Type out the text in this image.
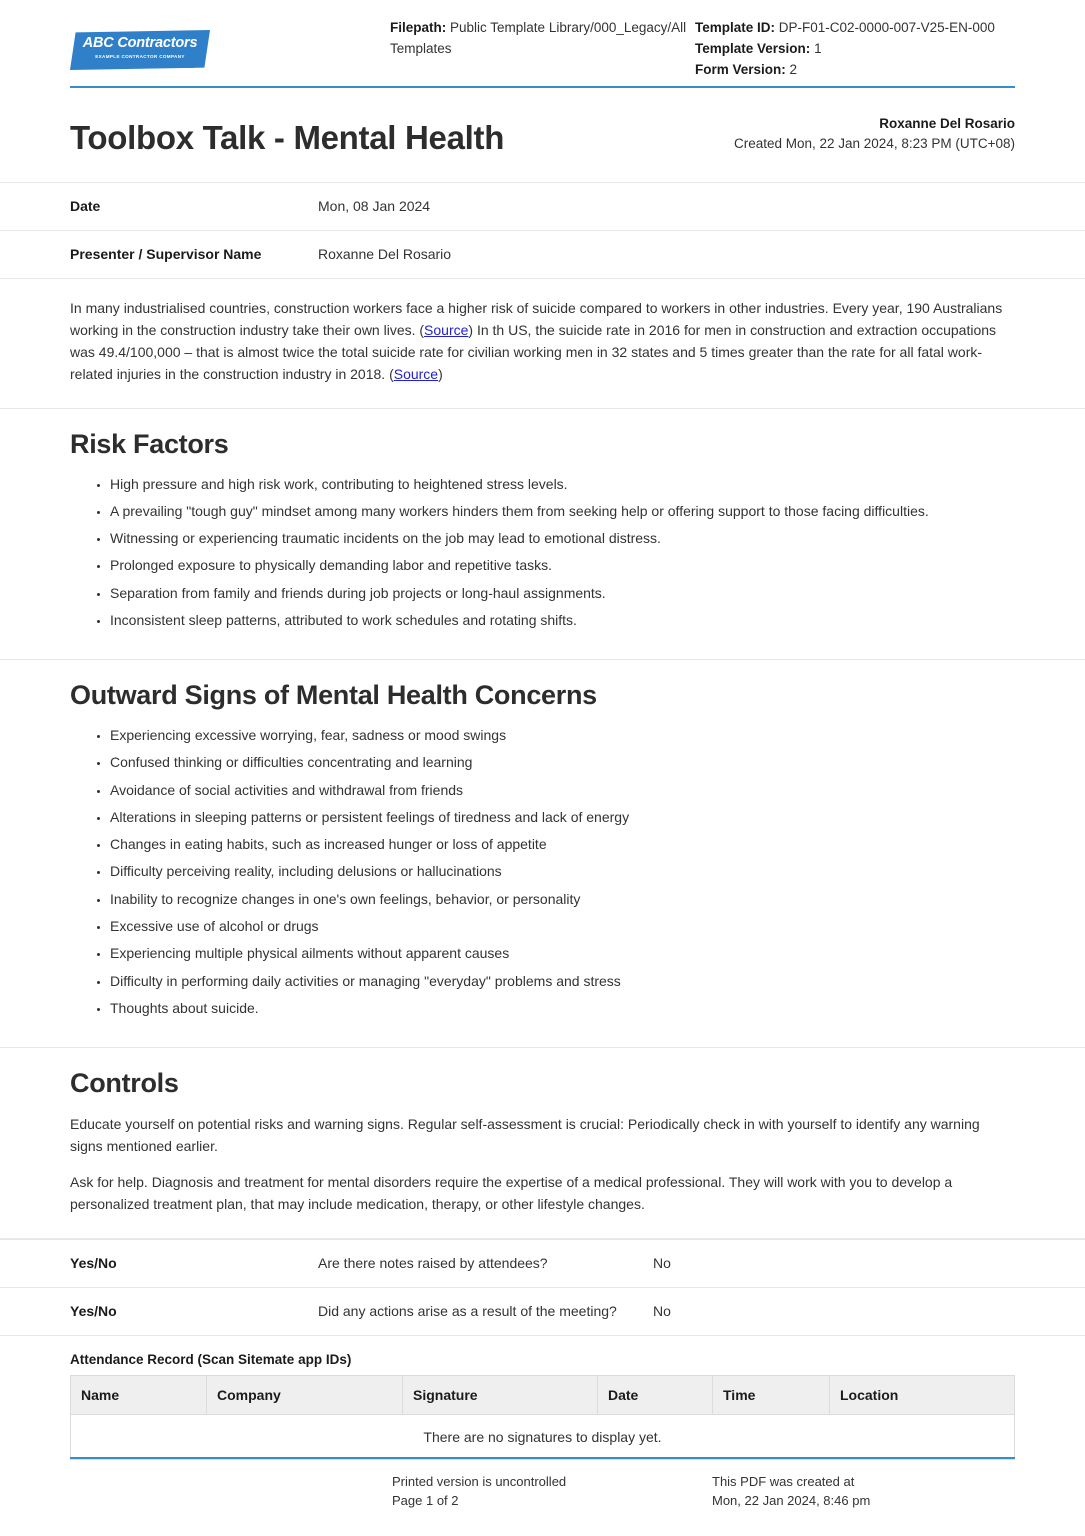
ABC Contractors
EXAMPLE CONTRACTOR COMPANY
Filepath: Public Template Library/000_Legacy/All Templates
Template ID: DP-F01-C02-0000-007-V25-EN-000
Template Version: 1
Form Version: 2
Toolbox Talk - Mental Health	Roxanne Del Rosario
Created Mon, 22 Jan 2024, 8:23 PM (UTC+08)
Date	Mon, 08 Jan 2024
Presenter / Supervisor Name	Roxanne Del Rosario
In many industrialised countries, construction workers face a higher risk of suicide compared to workers in other industries. Every year, 190 Australians working in the construction industry take their own lives. (Source) In th US, the suicide rate in 2016 for men in construction and extraction occupations was 49.4/100,000 – that is almost twice the total suicide rate for civilian working men in 32 states and 5 times greater than the rate for all fatal work-related injuries in the construction industry in 2018. (Source)
Risk Factors
• High pressure and high risk work, contributing to heightened stress levels.
• A prevailing "tough guy" mindset among many workers hinders them from seeking help or offering support to those facing difficulties.
• Witnessing or experiencing traumatic incidents on the job may lead to emotional distress.
• Prolonged exposure to physically demanding labor and repetitive tasks.
• Separation from family and friends during job projects or long-haul assignments.
• Inconsistent sleep patterns, attributed to work schedules and rotating shifts.
Outward Signs of Mental Health Concerns
• Experiencing excessive worrying, fear, sadness or mood swings
• Confused thinking or difficulties concentrating and learning
• Avoidance of social activities and withdrawal from friends
• Alterations in sleeping patterns or persistent feelings of tiredness and lack of energy
• Changes in eating habits, such as increased hunger or loss of appetite
• Difficulty perceiving reality, including delusions or hallucinations
• Inability to recognize changes in one's own feelings, behavior, or personality
• Excessive use of alcohol or drugs
• Experiencing multiple physical ailments without apparent causes
• Difficulty in performing daily activities or managing "everyday" problems and stress
• Thoughts about suicide.
Controls

Educate yourself on potential risks and warning signs. Regular self-assessment is crucial: Periodically check in with yourself to identify any warning signs mentioned earlier.

Ask for help. Diagnosis and treatment for mental disorders require the expertise of a medical professional. They will work with you to develop a personalized treatment plan, that may include medication, therapy, or other lifestyle changes.

Yes/No	Are there notes raised by attendees?	No
Yes/No	Did any actions arise as a result of the meeting?	No
Attendance Record (Scan Sitemate app IDs)
Name	Company	Signature	Date	Time	Location
There are no signatures to display yet.
Printed version is uncontrolled
Page 1 of 2
This PDF was created at
Mon, 22 Jan 2024, 8:46 pm
